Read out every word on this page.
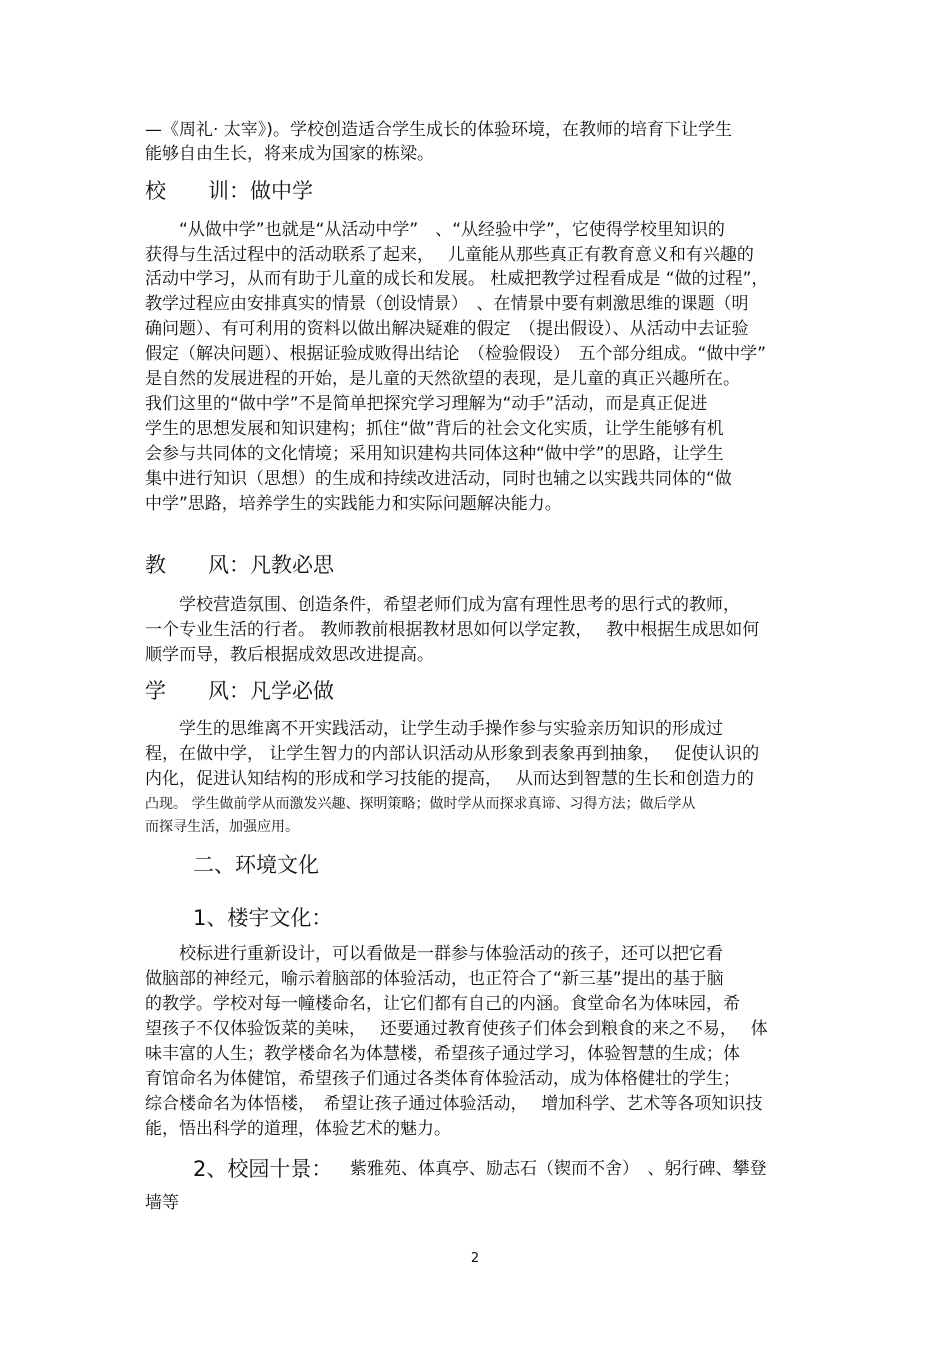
—《周礼· 太宰》)。学校创造适合学生成长的体验环境，在教师的培育下让学生
能够自由生长，将来成为国家的栋梁。
校　　训：做中学
　　“从做中学”也就是“从活动中学”　、“从经验中学”，它使得学校里知识的
获得与生活过程中的活动联系了起来，　 儿童能从那些真正有教育意义和有兴趣的
活动中学习，从而有助于儿童的成长和发展。 杜威把教学过程看成是 “做的过程”，
教学过程应由安排真实的情景（创设情景）　、在情景中要有刺激思维的课题（明
确问题）、有可利用的资料以做出解决疑难的假定　（提出假设）、从活动中去证验
假定（解决问题）、根据证验成败得出结论　（检验假设）　五个部分组成。“做中学”
是自然的发展进程的开始，是儿童的天然欲望的表现，是儿童的真正兴趣所在。
我们这里的“做中学”不是简单把探究学习理解为“动手”活动，而是真正促进
学生的思想发展和知识建构；抓住“做”背后的社会文化实质，让学生能够有机
会参与共同体的文化情境；采用知识建构共同体这种“做中学”的思路，让学生
集中进行知识（思想）的生成和持续改进活动，同时也辅之以实践共同体的“做
中学”思路，培养学生的实践能力和实际问题解决能力。
教　　风：凡教必思
　　学校营造氛围、创造条件，希望老师们成为富有理性思考的思行式的教师，
一个专业生活的行者。 教师教前根据教材思如何以学定教，　 教中根据生成思如何
顺学而导，教后根据成效思改进提高。
学　　风：凡学必做
　　学生的思维离不开实践活动，让学生动手操作参与实验亲历知识的形成过
程，在做中学， 让学生智力的内部认识活动从形象到表象再到抽象，　 促使认识的
内化，促进认知结构的形成和学习技能的提高，　 从而达到智慧的生长和创造力的
凸现。 学生做前学从而激发兴趣、探明策略；做时学从而探求真谛、习得方法；做后学从
而探寻生活，加强应用。
二、环境文化
1、楼宇文化：
　　校标进行重新设计，可以看做是一群参与体验活动的孩子，还可以把它看
做脑部的神经元，喻示着脑部的体验活动，也正符合了“新三基”提出的基于脑
的教学。学校对每一幢楼命名，让它们都有自己的内涵。食堂命名为体味园，希
望孩子不仅体验饭菜的美味，　 还要通过教育使孩子们体会到粮食的来之不易，　 体
味丰富的人生；教学楼命名为体慧楼，希望孩子通过学习，体验智慧的生成；体
育馆命名为体健馆，希望孩子们通过各类体育体验活动，成为体格健壮的学生；
综合楼命名为体悟楼，　希望让孩子通过体验活动，　 增加科学、艺术等各项知识技
能，悟出科学的道理，体验艺术的魅力。
2、校园十景： 紫雅苑、体真亭、励志石（锲而不舍）　、躬行碑、攀登
墙等
2
